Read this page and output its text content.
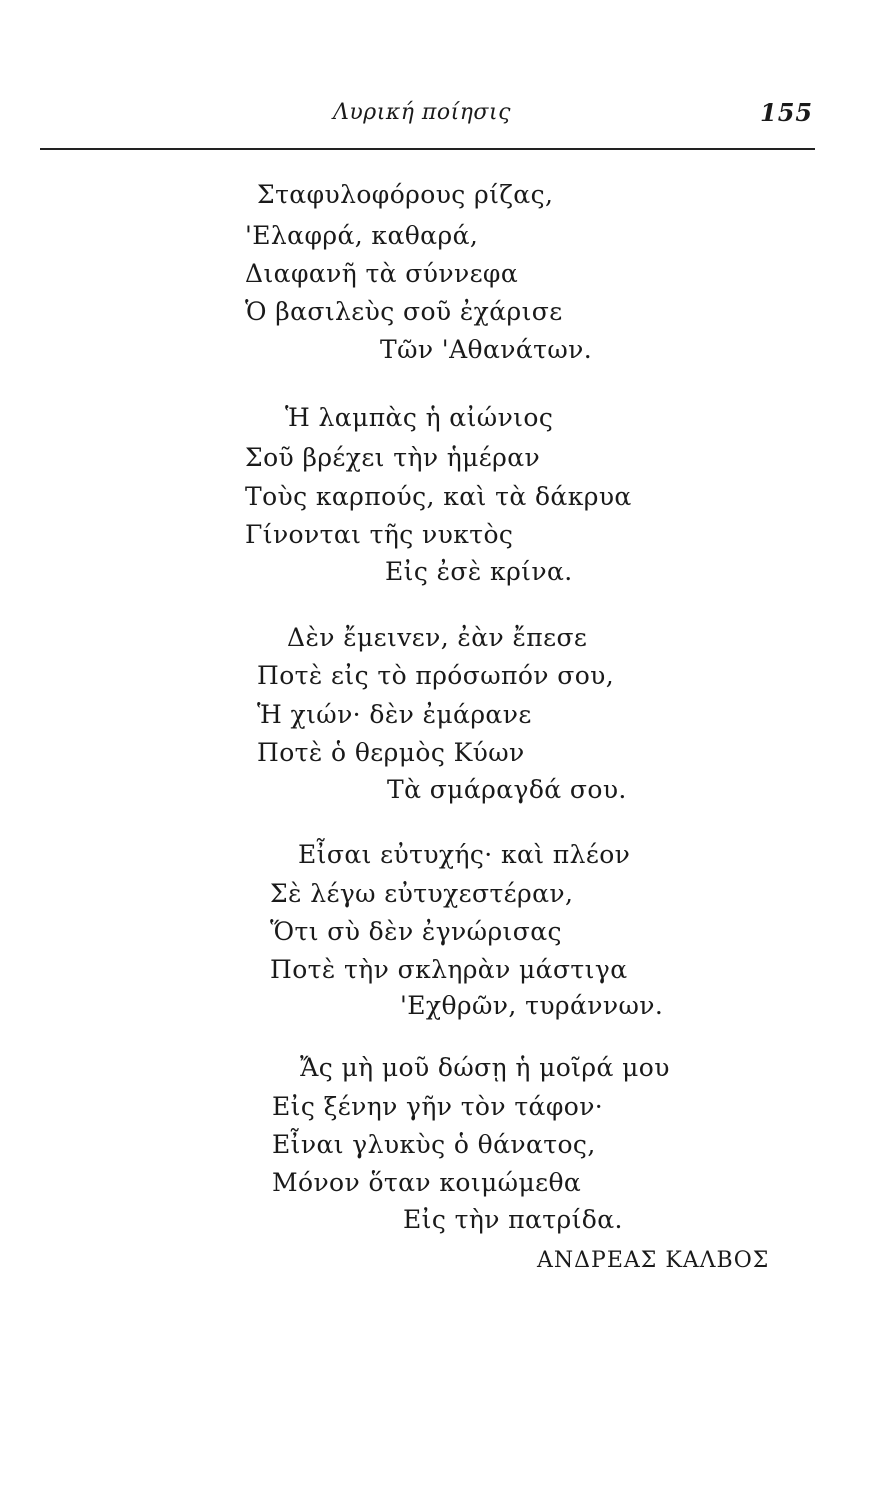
Λυρική ποίησις	155
Σταφυλοφόρους ρίζας,
'Ελαφρά, καθαρά,
Διαφανῆ τὰ σύννεφα
Ὁ βασιλεὺς σοῦ ἐχάρισε
Τῶν 'Αθανάτων.
Ἡ λαμπὰς ἡ αἰώνιος
Σοῦ βρέχει τὴν ἡμέραν
Τοὺς καρπούς, καὶ τὰ δάκρυα
Γίνονται τῆς νυκτὸς
Εἰς ἐσὲ κρίνα.
Δὲν ἔμειvεν, ἐὰν ἔπεσε
Ποτὲ εἰς τὸ πρόσωπόν σου,
Ἡ χιών· δὲν ἐμάρανε
Ποτὲ ὁ θερμὸς Κύων
Τὰ σμάραγδά σου.
Εἶσαι εὐτυχής· καὶ πλέον
Σὲ λέγω εὐτυχεστέραν,
Ὅτι σὺ δὲν ἐγνώρισας
Ποτὲ τὴν σκληρὰν μάστιγα
'Εχθρῶν, τυράννων.
Ἄς μὴ μοῦ δώσῃ ἡ μοῖρά μου
Εἰς ξένην γῆν τὸν τάφον·
Εἶναι γλυκὺς ὁ θάνατος,
Μόνον ὅταν κοιμώμεθα
Εἰς τὴν πατρίδα.
ΑΝΔΡΕΑΣ ΚΑΛΒΟΣ
